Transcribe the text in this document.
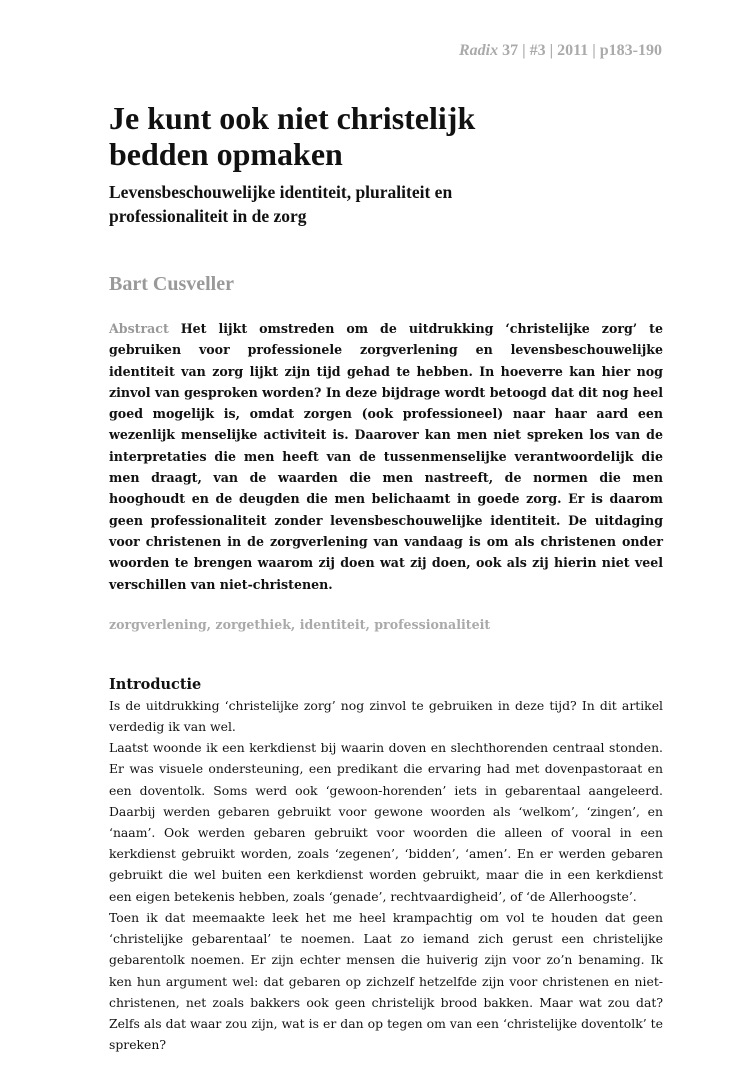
Radix 37 | #3 | 2011 | p183-190
Je kunt ook niet christelijk
bedden opmaken
Levensbeschouwelijke identiteit, pluraliteit en
professionaliteit in de zorg
Bart Cusveller

Abstract Het lijkt omstreden om de uitdrukking ‘christelijke zorg’ te gebruiken voor professionele zorgverlening en levensbeschouwelijke identiteit van zorg lijkt zijn tijd gehad te hebben. In hoeverre kan hier nog zinvol van gesproken worden? In deze bijdrage wordt betoogd dat dit nog heel goed mogelijk is, omdat zorgen (ook professioneel) naar haar aard een wezenlijk menselijke activiteit is. Daarover kan men niet spreken los van de interpretaties die men heeft van de tussenmenselijke verantwoordelijk die men draagt, van de waarden die men nastreeft, de normen die men hooghoudt en de deugden die men belichaamt in goede zorg. Er is daarom geen professionaliteit zonder levensbeschouwelijke identiteit. De uitdaging voor christenen in de zorgverlening van vandaag is om als christenen onder woorden te brengen waarom zij doen wat zij doen, ook als zij hierin niet veel verschillen van niet-christenen.

zorgverlening, zorgethiek, identiteit, professionaliteit
Introductie

Is de uitdrukking ‘christelijke zorg’ nog zinvol te gebruiken in deze tijd? In dit artikel verdedig ik van wel.

Laatst woonde ik een kerkdienst bij waarin doven en slechthorenden centraal stonden. Er was visuele ondersteuning, een predikant die ervaring had met dovenpastoraat en een doventolk. Soms werd ook ‘gewoon-horenden’ iets in gebarentaal aangeleerd. Daarbij werden gebaren gebruikt voor gewone woorden als ‘welkom’, ‘zingen’, en ‘naam’. Ook werden gebaren gebruikt voor woorden die alleen of vooral in een kerkdienst gebruikt worden, zoals ‘zegenen’, ‘bidden’, ‘amen’. En er werden gebaren gebruikt die wel buiten een kerkdienst worden gebruikt, maar die in een kerkdienst een eigen betekenis hebben, zoals ‘genade’, rechtvaardigheid’, of ‘de Allerhoogste’.

Toen ik dat meemaakte leek het me heel krampachtig om vol te houden dat geen ‘christelijke gebarentaal’ te noemen. Laat zo iemand zich gerust een christelijke gebarentolk noemen. Er zijn echter mensen die huiverig zijn voor zo’n benaming. Ik ken hun argument wel: dat gebaren op zichzelf hetzelfde zijn voor christenen en niet-christenen, net zoals bakkers ook geen christelijk brood bakken. Maar wat zou dat? Zelfs als dat waar zou zijn, wat is er dan op tegen om van een ‘christelijke doventolk’ te spreken?
